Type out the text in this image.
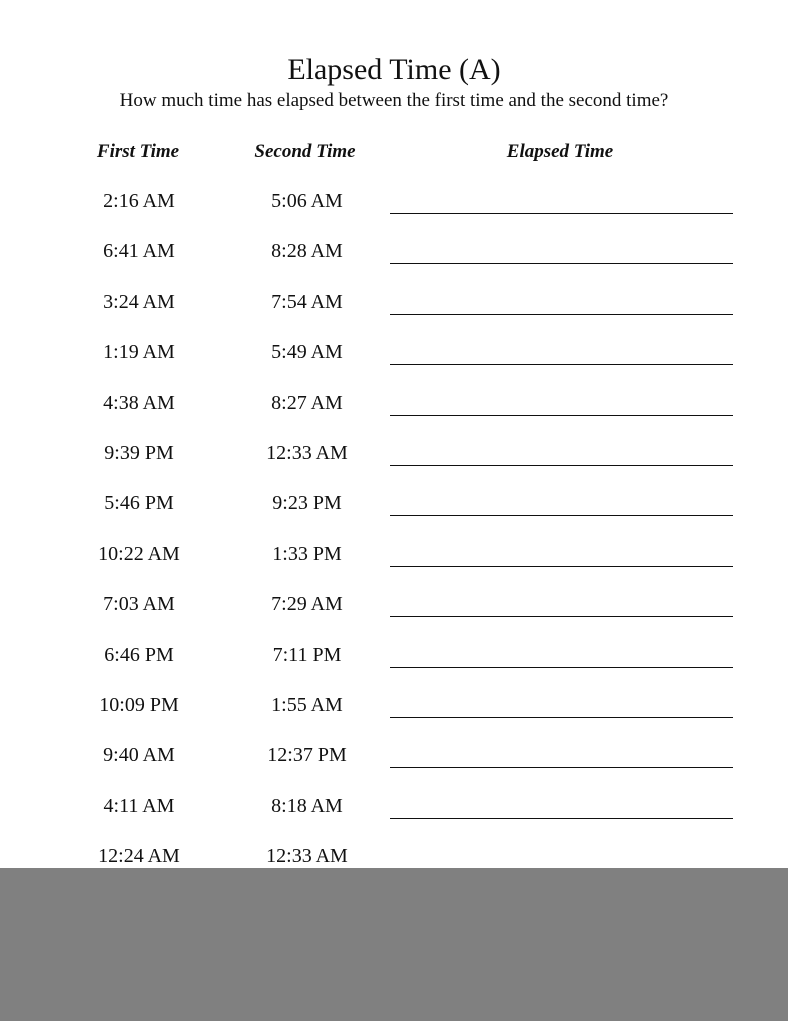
Elapsed Time (A)
How much time has elapsed between the first time and the second time?
First Time	Second Time	Elapsed Time
2:16 AM	5:06 AM
6:41 AM	8:28 AM
3:24 AM	7:54 AM
1:19 AM	5:49 AM
4:38 AM	8:27 AM
9:39 PM	12:33 AM
5:46 PM	9:23 PM
10:22 AM	1:33 PM
7:03 AM	7:29 AM
6:46 PM	7:11 PM
10:09 PM	1:55 AM
9:40 AM	12:37 PM
4:11 AM	8:18 AM
12:24 AM	12:33 AM
